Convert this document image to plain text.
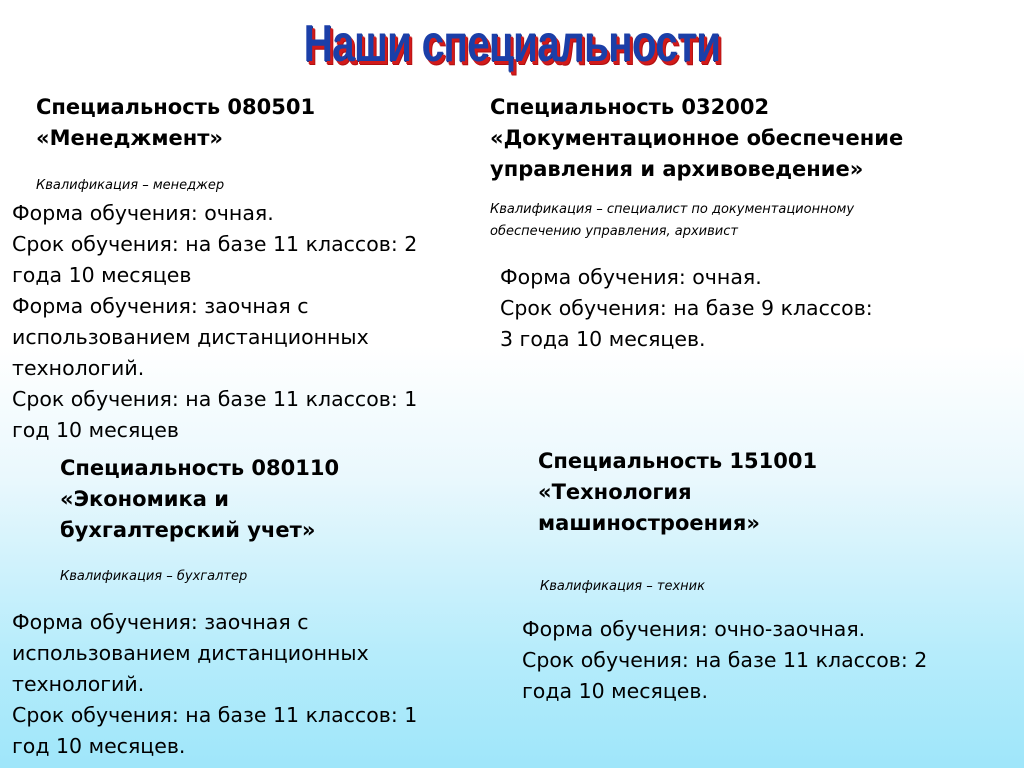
Наши специальности

Специальность 080501
«Менеджмент»

Квалификация – менеджер

Форма обучения: очная.
Срок обучения: на базе 11 классов: 2
года 10 месяцев
Форма обучения: заочная с
использованием дистанционных
технологий.
Срок обучения: на базе 11 классов: 1
год 10 месяцев

Специальность 032002
«Документационное обеспечение
управления и архивоведение»

Квалификация – специалист по документационному
обеспечению управления, архивист

Форма обучения: очная.
Срок обучения: на базе 9 классов:
3 года 10 месяцев.

Специальность 080110
«Экономика и
бухгалтерский учет»

Квалификация – бухгалтер

Форма обучения: заочная с
использованием дистанционных
технологий.
Срок обучения: на базе 11 классов: 1
год 10 месяцев.

Специальность 151001
«Технология
машиностроения»

Квалификация – техник

Форма обучения: очно-заочная.
Срок обучения: на базе 11 классов: 2
года 10 месяцев.
